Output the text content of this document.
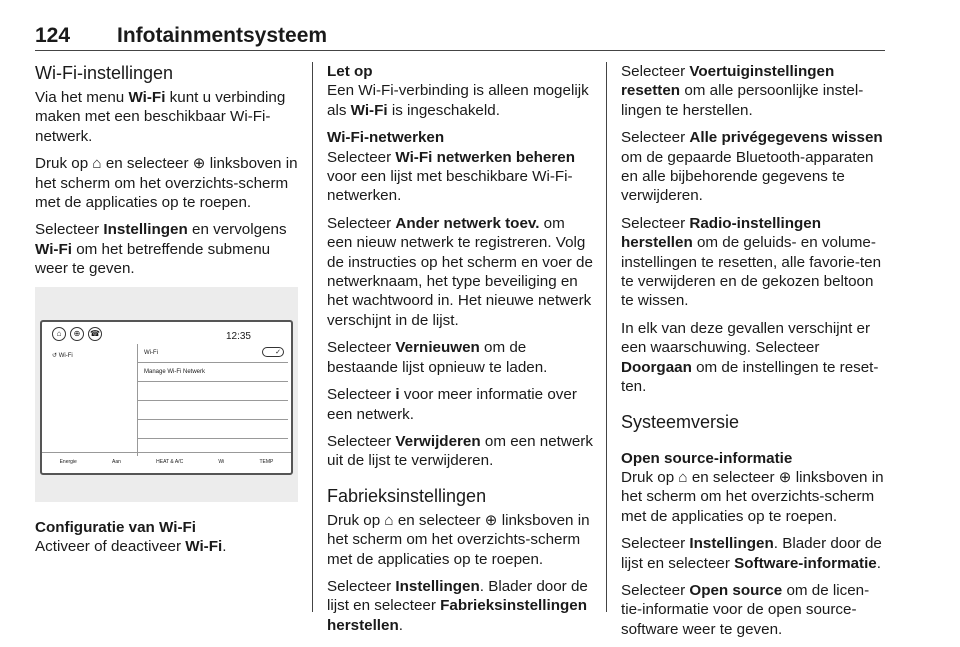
124 Infotainmentsysteem
Wi-Fi-instellingen

Via het menu Wi-Fi kunt u verbinding maken met een beschikbaar Wi-Fi-netwerk.

Druk op ⌂ en selecteer ⊕ linksboven in het scherm om het overzichts-scherm met de applicaties op te roepen.

Selecteer Instellingen en vervolgens Wi-Fi om het betreffende submenu weer te geven.

⌂	⊕	☎	12:35
↺ Wi-Fi	Wi-Fi	✓
Manage Wi-Fi Netwerk
Energie	Aan	HEAT & A/C	Wi	TEMP
Configuratie van Wi-Fi

Activeer of deactiveer Wi-Fi.

Let op

Een Wi-Fi-verbinding is alleen mogelijk als Wi-Fi is ingeschakeld.

Wi-Fi-netwerken

Selecteer Wi-Fi netwerken beheren voor een lijst met beschikbare Wi-Fi-netwerken.

Selecteer Ander netwerk toev. om een nieuw netwerk te registreren. Volg de instructies op het scherm en voer de netwerknaam, het type beveiliging en het wachtwoord in. Het nieuwe netwerk verschijnt in de lijst.

Selecteer Vernieuwen om de bestaande lijst opnieuw te laden.

Selecteer i voor meer informatie over een netwerk.

Selecteer Verwijderen om een netwerk uit de lijst te verwijderen.

Fabrieksinstellingen

Druk op ⌂ en selecteer ⊕ linksboven in het scherm om het overzichts-scherm met de applicaties op te roepen.

Selecteer Instellingen. Blader door de lijst en selecteer Fabrieksinstellingen herstellen.

Selecteer Voertuiginstellingen resetten om alle persoonlijke instel-lingen te herstellen.

Selecteer Alle privégegevens wissen om de gepaarde Bluetooth-apparaten en alle bijbehorende gegevens te verwijderen.

Selecteer Radio-instellingen herstellen om de geluids- en volume-instellingen te resetten, alle favorie-ten te verwijderen en de gekozen beltoon te wissen.

In elk van deze gevallen verschijnt er een waarschuwing. Selecteer Doorgaan om de instellingen te reset-ten.

Systeemversie
Open source-informatie

Druk op ⌂ en selecteer ⊕ linksboven in het scherm om het overzichts-scherm met de applicaties op te roepen.

Selecteer Instellingen. Blader door de lijst en selecteer Software-informatie.

Selecteer Open source om de licen-tie-informatie voor de open source-software weer te geven.
